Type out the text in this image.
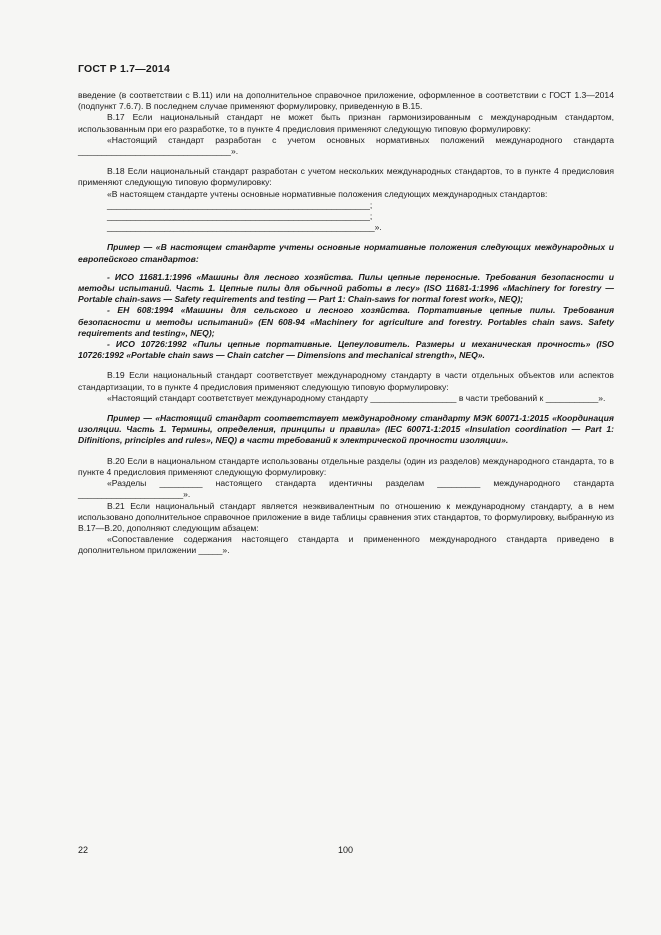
ГОСТ Р 1.7—2014

введение (в соответствии с В.11) или на дополнительное справочное приложение, оформленное в соответствии с ГОСТ 1.3—2014 (подпункт 7.6.7). В последнем случае применяют формулировку, приведенную в В.15.

В.17 Если национальный стандарт не может быть признан гармонизированным с международным стандартом, использованным при его разработке, то в пункте 4 предисловия применяют следующую типовую формулировку:

«Настоящий стандарт разработан с учетом основных нормативных положений международного стандарта ________________________________».

В.18 Если национальный стандарт разработан с учетом нескольких международных стандартов, то в пункте 4 предисловия применяют следующую типовую формулировку:

«В настоящем стандарте учтены основные нормативные положения следующих международных стандартов:

_______________________________________________________;

_______________________________________________________;

________________________________________________________».

Пример — «В настоящем стандарте учтены основные нормативные положения следующих международных и европейского стандартов:

- ИСО 11681.1:1996 «Машины для лесного хозяйства. Пилы цепные переносные. Требования безопасности и методы испытаний. Часть 1. Цепные пилы для обычной работы в лесу» (ISO 11681-1:1996 «Machinery for forestry — Portable chain-saws — Safety requirements and testing — Part 1: Chain-saws for normal forest work», NEQ);

- ЕН 608:1994 «Машины для сельского и лесного хозяйства. Портативные цепные пилы. Требования безопасности и методы испытаний» (EN 608-94 «Machinery for agriculture and forestry. Portables chain saws. Safety requirements and testing», NEQ);

- ИСО 10726:1992 «Пилы цепные портативные. Цепеуловитель. Размеры и механическая прочность» (ISO 10726:1992 «Portable chain saws — Chain catcher — Dimensions and mechanical strength», NEQ».

В.19 Если национальный стандарт соответствует международному стандарту в части отдельных объектов или аспектов стандартизации, то в пункте 4 предисловия применяют следующую типовую формулировку:

«Настоящий стандарт соответствует международному стандарту __________________ в части требований к ___________».

Пример — «Настоящий стандарт соответствует международному стандарту МЭК 60071-1:2015 «Координация изоляции. Часть 1. Термины, определения, принципы и правила» (IEC 60071-1:2015 «Insulation coordination — Part 1: Difinitions, principles and rules», NEQ) в части требований к электрической прочности изоляции».

В.20 Если в национальном стандарте использованы отдельные разделы (один из разделов) международного стандарта, то в пункте 4 предисловия применяют следующую формулировку:

«Разделы _________ настоящего стандарта идентичны разделам _________ международного стандарта ______________________».

В.21 Если национальный стандарт является неэквивалентным по отношению к международному стандарту, а в нем использовано дополнительное справочное приложение в виде таблицы сравнения этих стандартов, то формулировку, выбранную из В.17—В.20, дополняют следующим абзацем:

«Сопоставление содержания настоящего стандарта и примененного международного стандарта приведено в дополнительном приложении _____».

22	100
